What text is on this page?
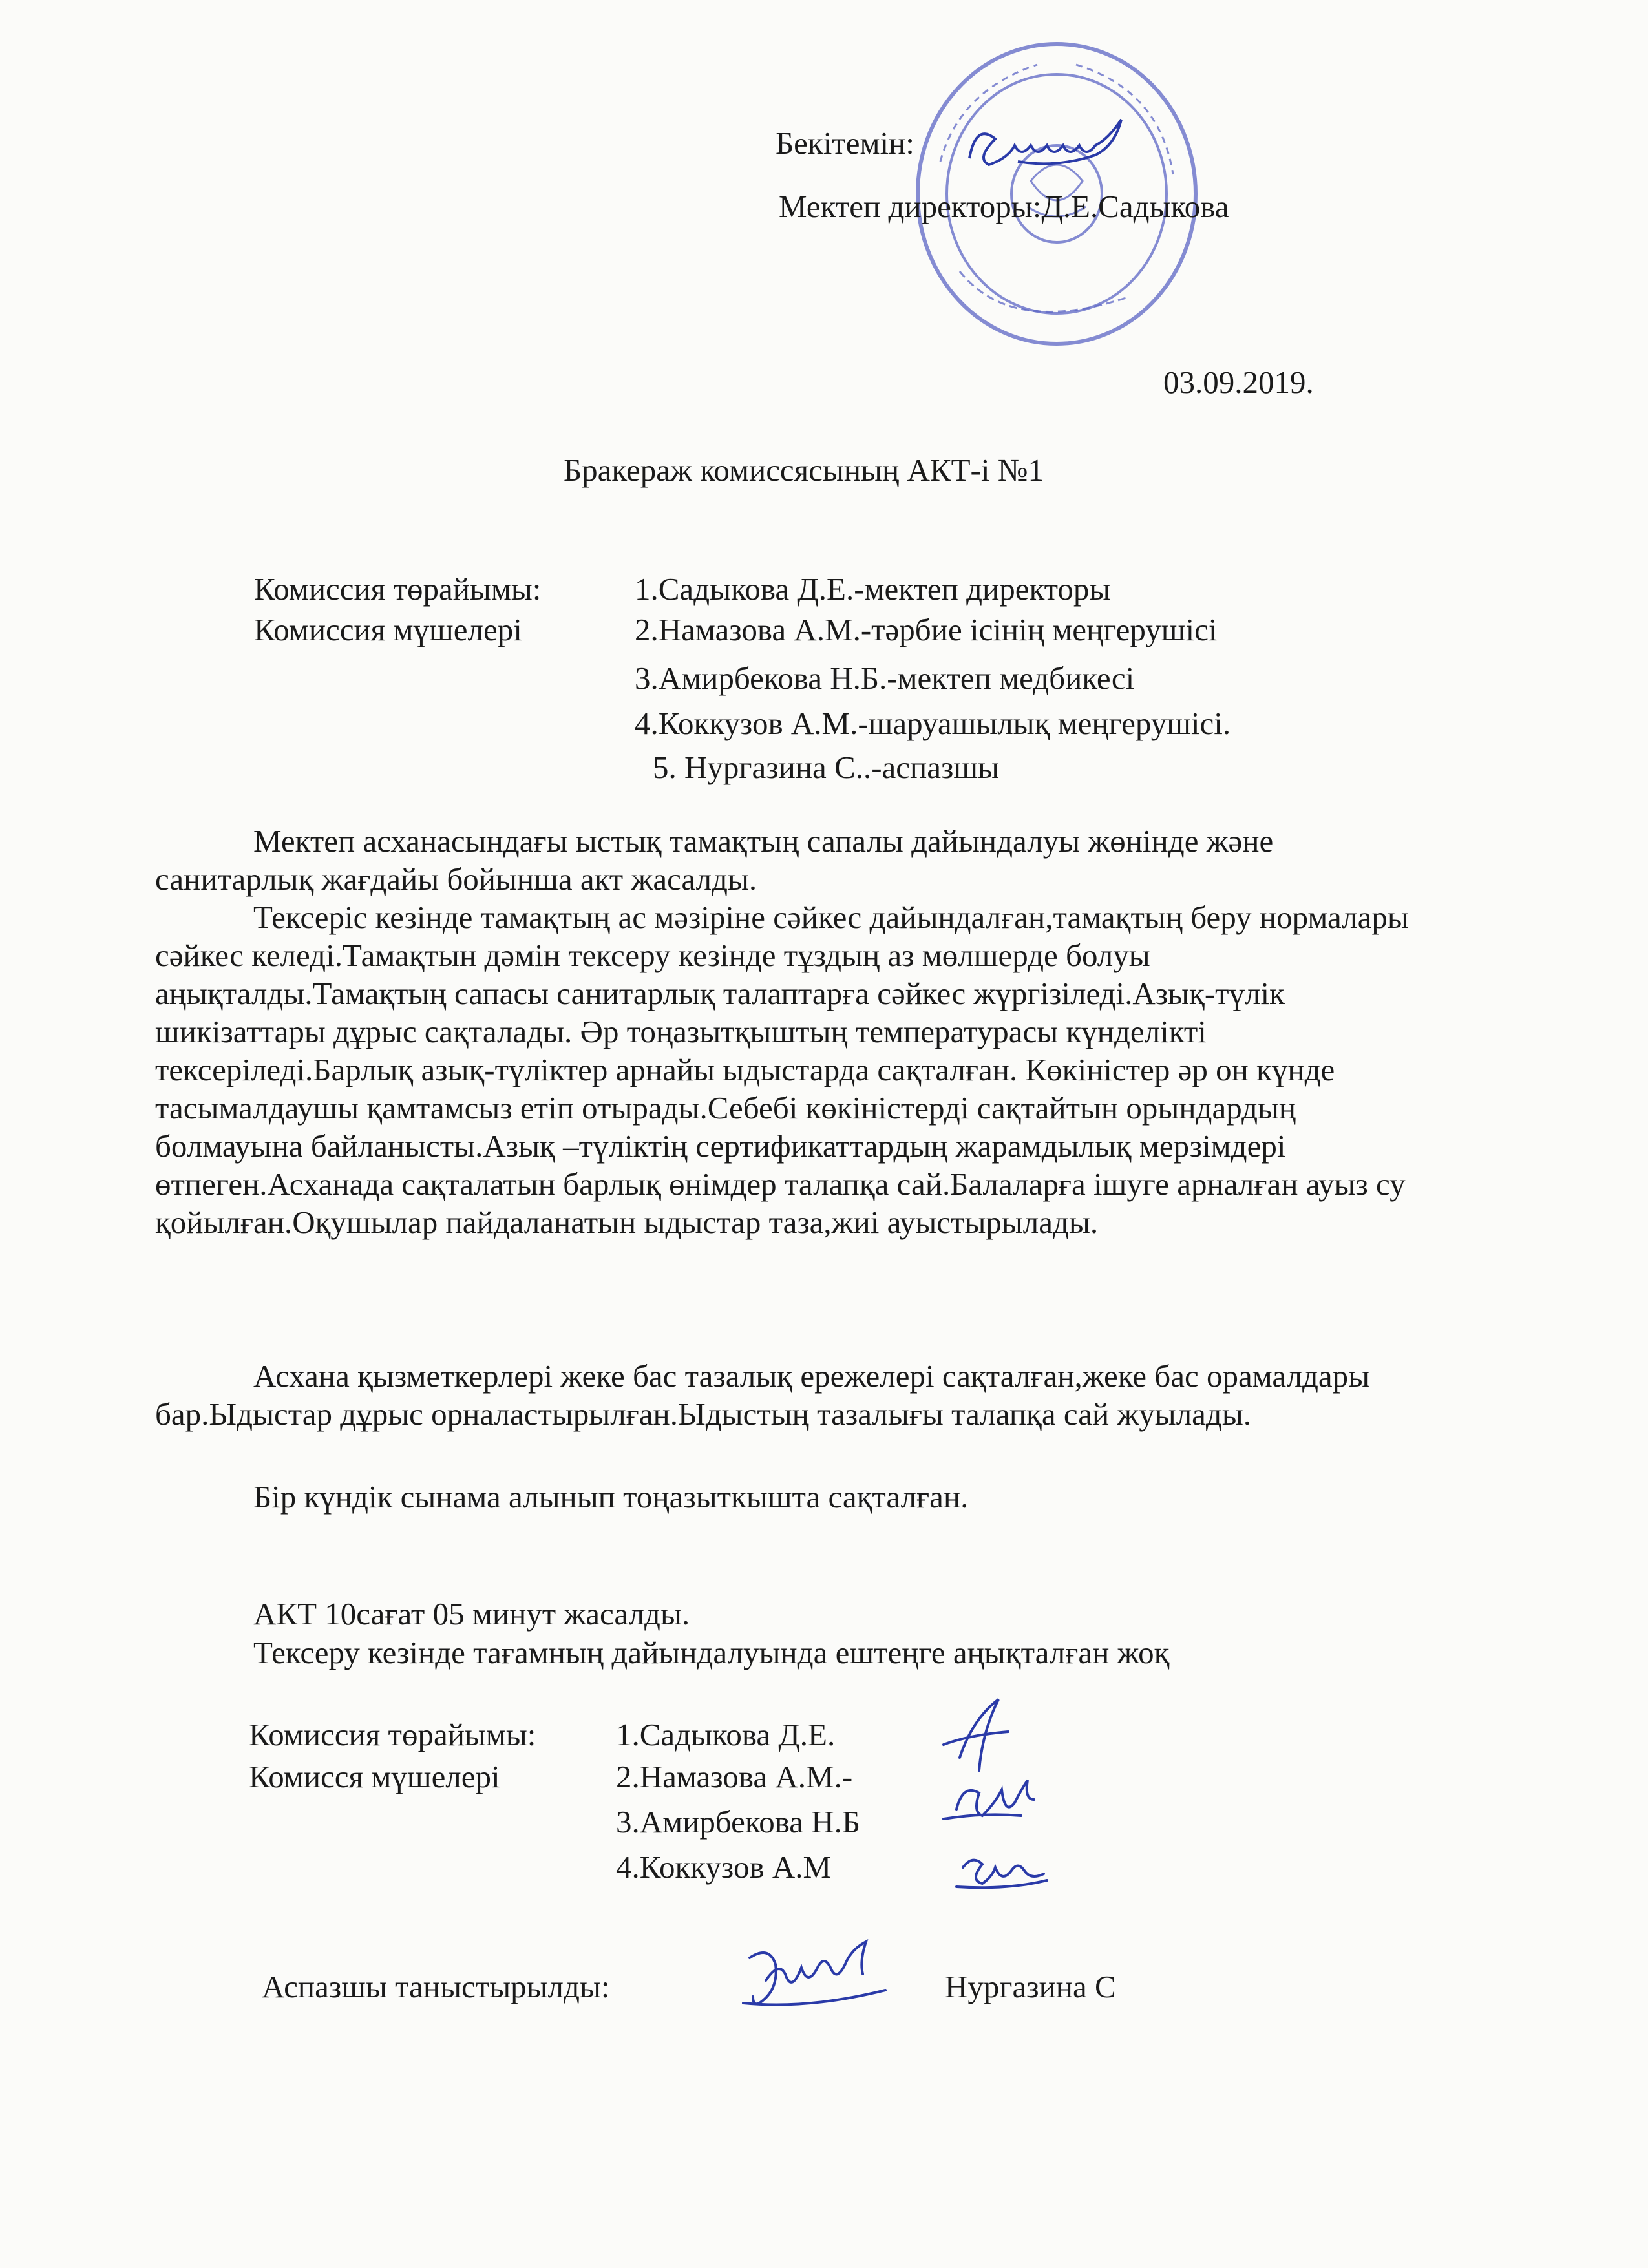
Бекітемін:
Мектеп директоры:Д.Е.Садыкова
03.09.2019.
Бракераж комиссясының АКТ-і №1
Комиссия төрайымы:
Комиссия мүшелері
1.Садыкова Д.Е.-мектеп директоры
2.Намазова А.М.-тәрбие ісінің меңгерушісі
3.Амирбекова Н.Б.-мектеп медбикесі
4.Коккузов А.М.-шаруашылық меңгерушісі.
5. Нургазина С..-аспазшы
Мектеп асханасындағы ыстық тамақтың сапалы дайындалуы жөнінде және санитарлық жағдайы бойынша акт жасалды.
Тексеріс кезінде тамақтың ас мәзіріне сәйкес дайындалған,тамақтың беру нормалары сәйкес келеді.Тамақтын дәмін тексеру кезінде тұздың аз мөлшерде болуы аңықталды.Тамақтың сапасы санитарлық талаптарға сәйкес жүргізіледі.Азық-түлік шикізаттары дұрыс сақталады. Әр тоңазытқыштың температурасы күнделікті тексеріледі.Барлық азық-түліктер арнайы ыдыстарда сақталған. Көкіністер әр он күнде тасымалдаушы қамтамсыз етіп отырады.Себебі көкіністерді сақтайтын орындардың болмауына байланысты.Азық –түліктің сертификаттардың жарамдылық мерзімдері өтпеген.Асханада сақталатын барлық өнімдер талапқа сай.Балаларға ішуге арналған ауыз су қойылған.Оқушылар пайдаланатын ыдыстар таза,жиі ауыстырылады.
Асхана қызметкерлері жеке бас тазалық ережелері сақталған,жеке бас орамалдары бар.Ыдыстар дұрыс орналастырылған.Ыдыстың тазалығы талапқа сай жуылады.
Бір күндік сынама алынып тоңазыткышта сақталған.
АКТ 10сағат 05 минут жасалды.
Тексеру кезінде тағамның дайындалуында ештеңге аңықталған жоқ
Комиссия төрайымы:
Комисся мүшелері
1.Садыкова Д.Е.
2.Намазова А.М.-
3.Амирбекова Н.Б
4.Коккузов А.М
Аспазшы таныстырылды:	Нургазина С
